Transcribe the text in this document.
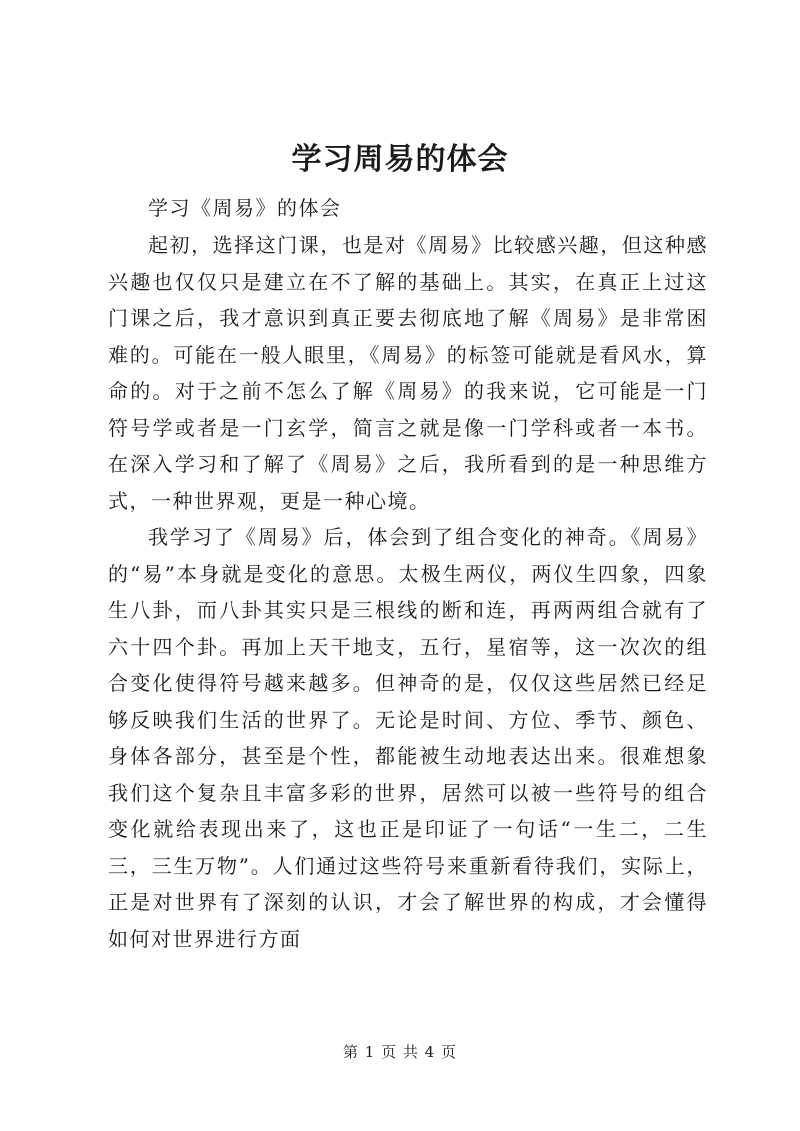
学习周易的体会

学习《周易》的体会

起初，选择这门课，也是对《周易》比较感兴趣，但这种感兴趣也仅仅只是建立在不了解的基础上。其实，在真正上过这门课之后，我才意识到真正要去彻底地了解《周易》是非常困难的。可能在一般人眼里，《周易》的标签可能就是看风水，算命的。对于之前不怎么了解《周易》的我来说，它可能是一门符号学或者是一门玄学，简言之就是像一门学科或者一本书。在深入学习和了解了《周易》之后，我所看到的是一种思维方式，一种世界观，更是一种心境。

我学习了《周易》后，体会到了组合变化的神奇。《周易》的“易”本身就是变化的意思。太极生两仪，两仪生四象，四象生八卦，而八卦其实只是三根线的断和连，再两两组合就有了六十四个卦。再加上天干地支，五行，星宿等，这一次次的组合变化使得符号越来越多。但神奇的是，仅仅这些居然已经足够反映我们生活的世界了。无论是时间、方位、季节、颜色、身体各部分，甚至是个性，都能被生动地表达出来。很难想象我们这个复杂且丰富多彩的世界，居然可以被一些符号的组合变化就给表现出来了，这也正是印证了一句话“一生二，二生三，三生万物”。人们通过这些符号来重新看待我们，实际上，正是对世界有了深刻的认识，才会了解世界的构成，才会懂得如何对世界进行方面

第 1 页 共 4 页
